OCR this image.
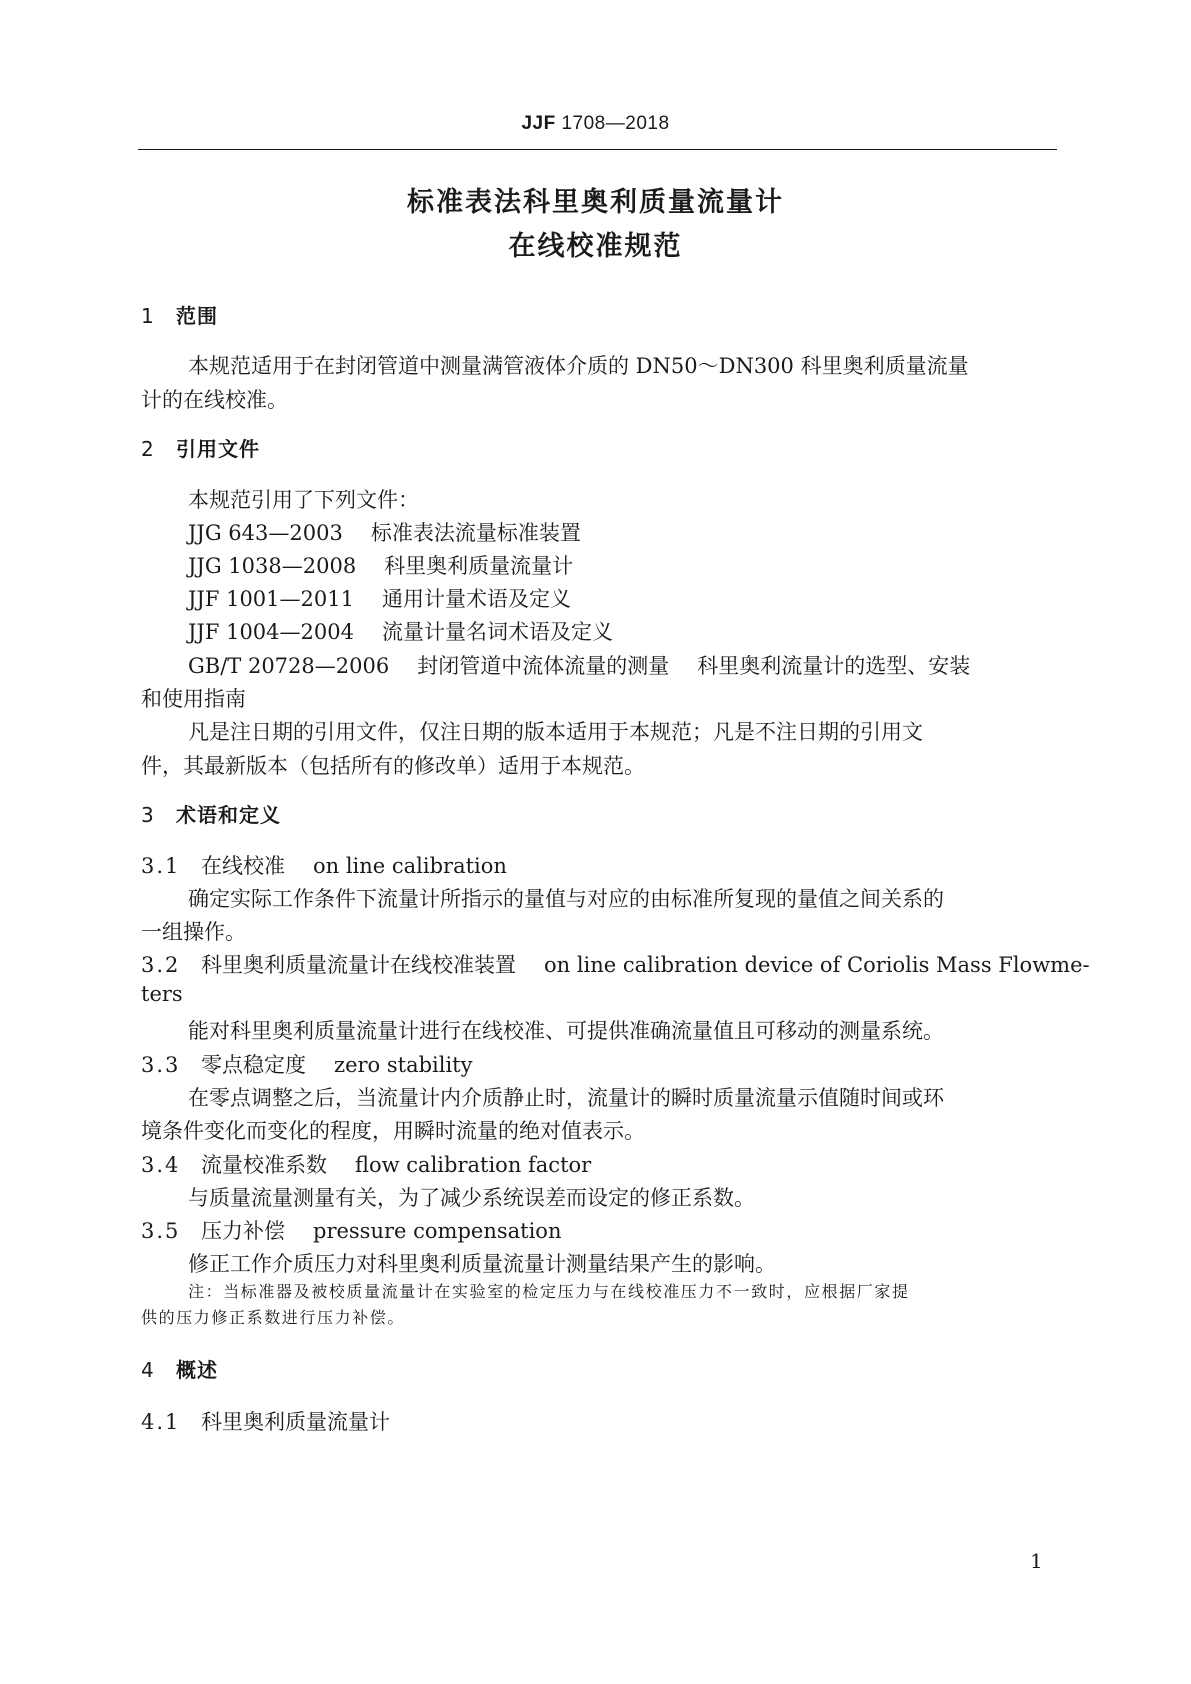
JJF 1708—2018
标准表法科里奥利质量流量计
在线校准规范
1 范围
本规范适用于在封闭管道中测量满管液体介质的 DN50～DN300 科里奥利质量流量
计的在线校准。
2 引用文件
本规范引用了下列文件：
JJG 643—2003 标准表法流量标准装置
JJG 1038—2008 科里奥利质量流量计
JJF 1001—2011 通用计量术语及定义
JJF 1004—2004 流量计量名词术语及定义
GB/T 20728—2006 封闭管道中流体流量的测量 科里奥利流量计的选型、安装
和使用指南
凡是注日期的引用文件，仅注日期的版本适用于本规范；凡是不注日期的引用文
件，其最新版本（包括所有的修改单）适用于本规范。
3 术语和定义
3.1 在线校准 on line calibration
确定实际工作条件下流量计所指示的量值与对应的由标准所复现的量值之间关系的
一组操作。
3.2 科里奥利质量流量计在线校准装置 on line calibration device of Coriolis Mass Flowme-
ters
能对科里奥利质量流量计进行在线校准、可提供准确流量值且可移动的测量系统。
3.3 零点稳定度 zero stability
在零点调整之后，当流量计内介质静止时，流量计的瞬时质量流量示值随时间或环
境条件变化而变化的程度，用瞬时流量的绝对值表示。
3.4 流量校准系数 flow calibration factor
与质量流量测量有关，为了减少系统误差而设定的修正系数。
3.5 压力补偿 pressure compensation
修正工作介质压力对科里奥利质量流量计测量结果产生的影响。
注：当标准器及被校质量流量计在实验室的检定压力与在线校准压力不一致时，应根据厂家提
供的压力修正系数进行压力补偿。
4 概述
4.1 科里奥利质量流量计
1
